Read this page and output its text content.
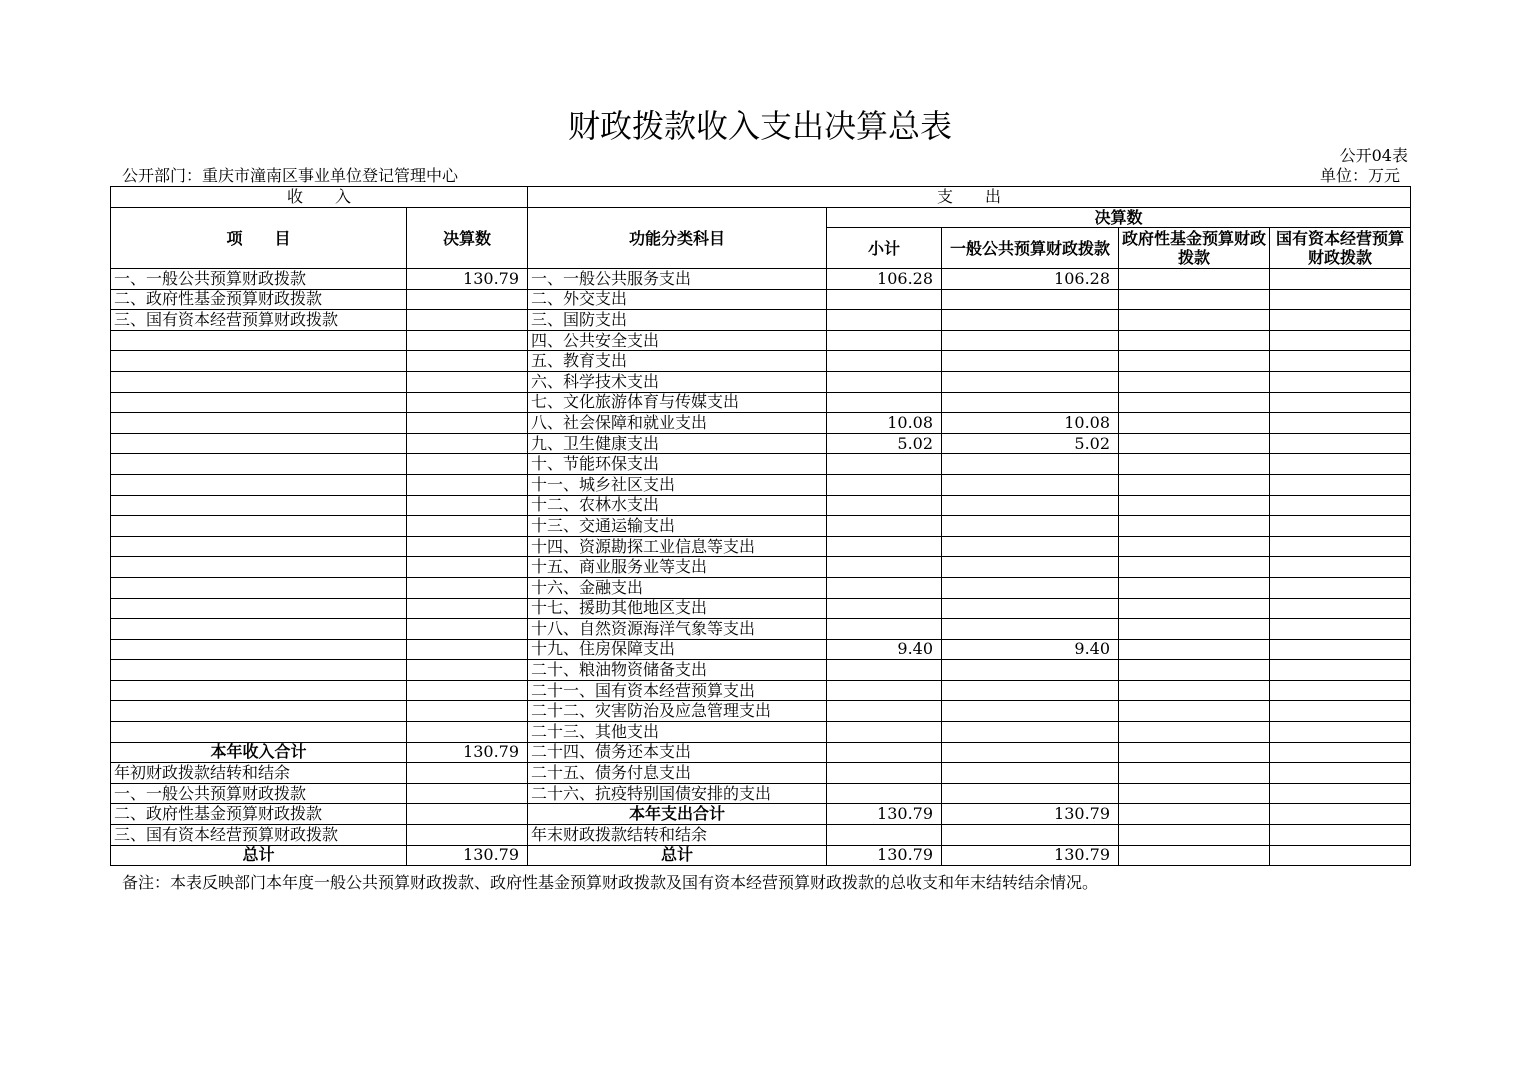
财政拨款收入支出决算总表
公开04表
公开部门：重庆市潼南区事业单位登记管理中心	单位：万元
收　　入		支　　出				
项　　目	决算数	功能分类科目	决算数			
			小计	一般公共预算财政拨款	政府性基金预算财政拨款	国有资本经营预算财政拨款
一、一般公共预算财政拨款	130.79	一、一般公共服务支出	106.28	106.28		
二、政府性基金预算财政拨款		二、外交支出				
三、国有资本经营预算财政拨款		三、国防支出				
		四、公共安全支出				
		五、教育支出				
		六、科学技术支出				
		七、文化旅游体育与传媒支出				
		八、社会保障和就业支出	10.08	10.08		
		九、卫生健康支出	5.02	5.02		
		十、节能环保支出				
		十一、城乡社区支出				
		十二、农林水支出				
		十三、交通运输支出				
		十四、资源勘探工业信息等支出				
		十五、商业服务业等支出				
		十六、金融支出				
		十七、援助其他地区支出				
		十八、自然资源海洋气象等支出				
		十九、住房保障支出	9.40	9.40		
		二十、粮油物资储备支出				
		二十一、国有资本经营预算支出				
		二十二、灾害防治及应急管理支出				
		二十三、其他支出				
本年收入合计	130.79	二十四、债务还本支出				
年初财政拨款结转和结余		二十五、债务付息支出				
一、一般公共预算财政拨款		二十六、抗疫特别国债安排的支出				
二、政府性基金预算财政拨款		本年支出合计	130.79	130.79		
三、国有资本经营预算财政拨款		年末财政拨款结转和结余				
总计	130.79	总计	130.79	130.79		
备注：本表反映部门本年度一般公共预算财政拨款、政府性基金预算财政拨款及国有资本经营预算财政拨款的总收支和年末结转结余情况。
